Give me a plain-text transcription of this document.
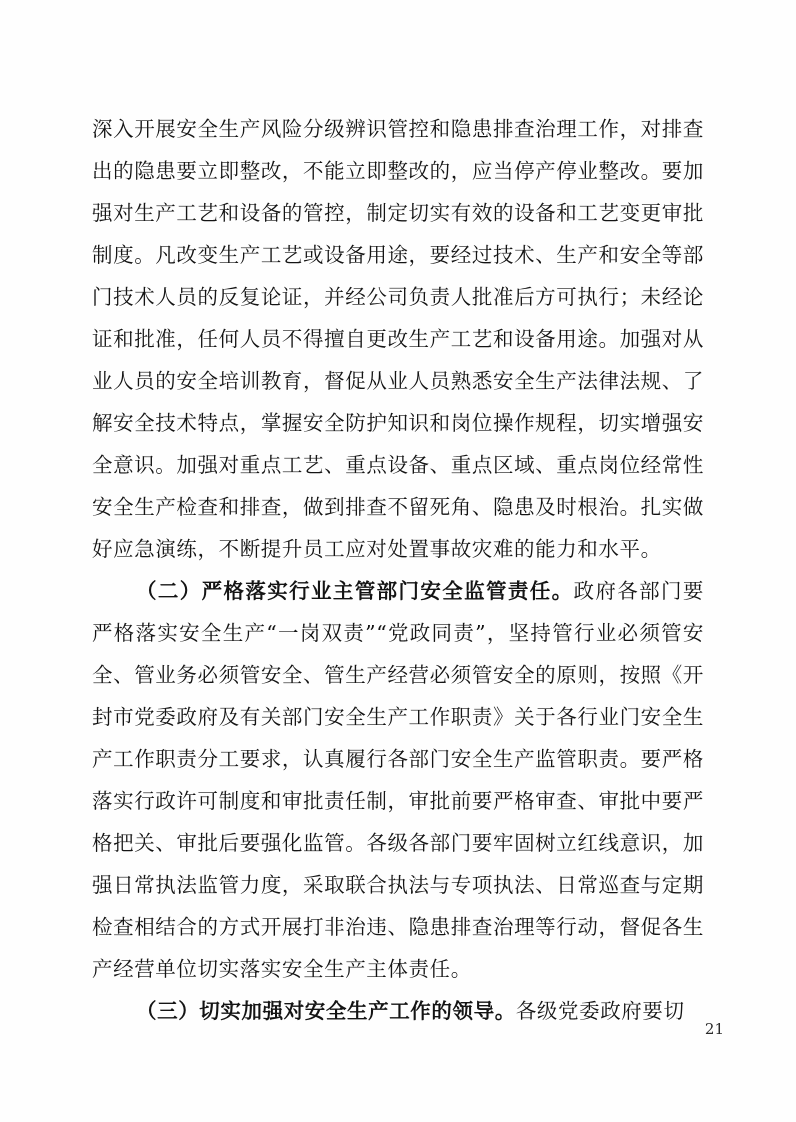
深入开展安全生产风险分级辨识管控和隐患排查治理工作，对排查出的隐患要立即整改，不能立即整改的，应当停产停业整改。要加强对生产工艺和设备的管控，制定切实有效的设备和工艺变更审批制度。凡改变生产工艺或设备用途，要经过技术、生产和安全等部门技术人员的反复论证，并经公司负责人批准后方可执行；未经论证和批准，任何人员不得擅自更改生产工艺和设备用途。加强对从业人员的安全培训教育，督促从业人员熟悉安全生产法律法规、了解安全技术特点，掌握安全防护知识和岗位操作规程，切实增强安全意识。加强对重点工艺、重点设备、重点区域、重点岗位经常性安全生产检查和排查，做到排查不留死角、隐患及时根治。扎实做好应急演练，不断提升员工应对处置事故灾难的能力和水平。

（二）严格落实行业主管部门安全监管责任。政府各部门要严格落实安全生产“一岗双责”“党政同责”，坚持管行业必须管安全、管业务必须管安全、管生产经营必须管安全的原则，按照《开封市党委政府及有关部门安全生产工作职责》关于各行业门安全生产工作职责分工要求，认真履行各部门安全生产监管职责。要严格落实行政许可制度和审批责任制，审批前要严格审查、审批中要严格把关、审批后要强化监管。各级各部门要牢固树立红线意识，加强日常执法监管力度，采取联合执法与专项执法、日常巡查与定期检查相结合的方式开展打非治违、隐患排查治理等行动，督促各生产经营单位切实落实安全生产主体责任。

（三）切实加强对安全生产工作的领导。各级党委政府要切

21
